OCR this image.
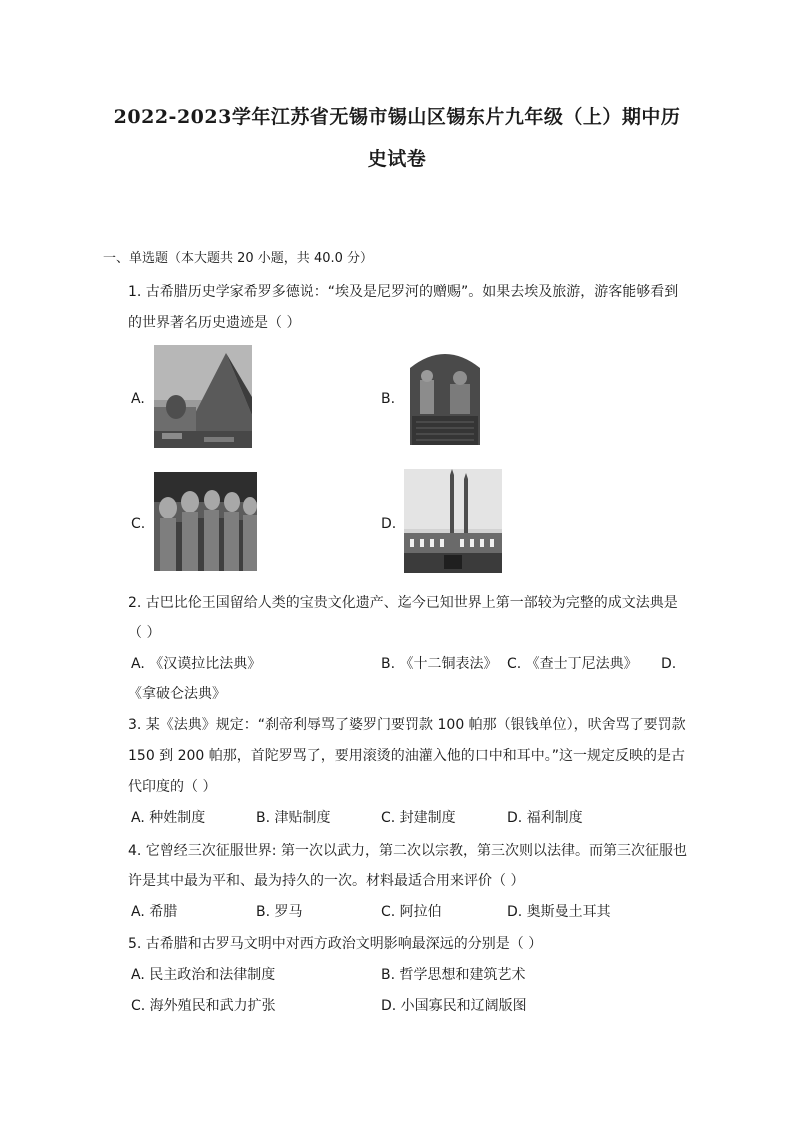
2022-2023学年江苏省无锡市锡山区锡东片九年级（上）期中历
史试卷
一、单选题（本大题共 20 小题，共 40.0 分）
1. 古希腊历史学家希罗多德说：“埃及是尼罗河的赠赐”。如果去埃及旅游，游客能够看到
的世界著名历史遗迹是（ ）
A.	B.
C.	D.
2. 古巴比伦王国留给人类的宝贵文化遗产、迄今已知世界上第一部较为完整的成文法典是
（ ）
A. 《汉谟拉比法典》	B. 《十二铜表法》 C. 《查士丁尼法典》 D.
《拿破仑法典》
3. 某《法典》规定：“刹帝利辱骂了婆罗门要罚款 100 帕那（银钱单位），吠舍骂了要罚款
150 到 200 帕那，首陀罗骂了，要用滚烫的油灌入他的口中和耳中。”这一规定反映的是古
代印度的（ ）
A. 种姓制度	B. 津贴制度	C. 封建制度	D. 福利制度
4. 它曾经三次征服世界: 第一次以武力，第二次以宗教，第三次则以法律。而第三次征服也
许是其中最为平和、最为持久的一次。材料最适合用来评价（ ）
A. 希腊	B. 罗马	C. 阿拉伯	D. 奥斯曼土耳其
5. 古希腊和古罗马文明中对西方政治文明影响最深远的分别是（ ）
A. 民主政治和法律制度	B. 哲学思想和建筑艺术
C. 海外殖民和武力扩张	D. 小国寡民和辽阔版图
